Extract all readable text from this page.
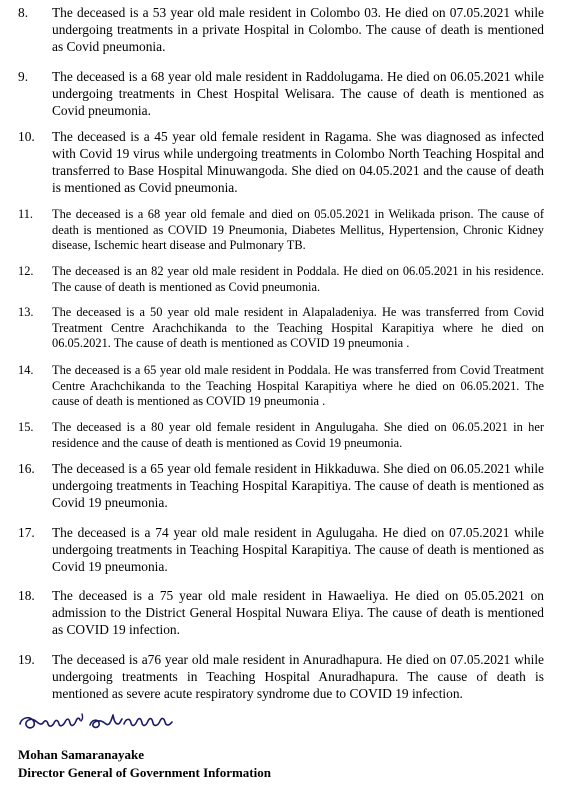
8. The deceased is a 53 year old male resident in Colombo 03. He died on 07.05.2021 while undergoing treatments in a private Hospital in Colombo. The cause of death is mentioned as Covid pneumonia.
9. The deceased is a 68 year old male resident in Raddolugama. He died on 06.05.2021 while undergoing treatments in Chest Hospital Welisara. The cause of death is mentioned as Covid pneumonia.
10. The deceased is a 45 year old female resident in Ragama. She was diagnosed as infected with Covid 19 virus while undergoing treatments in Colombo North Teaching Hospital and transferred to Base Hospital Minuwangoda. She died on 04.05.2021 and the cause of death is mentioned as Covid pneumonia.
11. The deceased is a 68 year old female and died on 05.05.2021 in Welikada prison. The cause of death is mentioned as COVID 19 Pneumonia, Diabetes Mellitus, Hypertension, Chronic Kidney disease, Ischemic heart disease and Pulmonary TB.
12. The deceased is an 82 year old male resident in Poddala. He died on 06.05.2021 in his residence. The cause of death is mentioned as Covid pneumonia.
13. The deceased is a 50 year old male resident in Alapaladeniya. He was transferred from Covid Treatment Centre Arachchikanda to the Teaching Hospital Karapitiya where he died on 06.05.2021. The cause of death is mentioned as COVID 19 pneumonia .
14. The deceased is a 65 year old male resident in Poddala. He was transferred from Covid Treatment Centre Arachchikanda to the Teaching Hospital Karapitiya where he died on 06.05.2021. The cause of death is mentioned as COVID 19 pneumonia .
15. The deceased is a 80 year old female resident in Angulugaha. She died on 06.05.2021 in her residence and the cause of death is mentioned as Covid 19 pneumonia.
16. The deceased is a 65 year old female resident in Hikkaduwa. She died on 06.05.2021 while undergoing treatments in Teaching Hospital Karapitiya. The cause of death is mentioned as Covid 19 pneumonia.
17. The deceased is a 74 year old male resident in Agulugaha. He died on 07.05.2021 while undergoing treatments in Teaching Hospital Karapitiya. The cause of death is mentioned as Covid 19 pneumonia.
18. The deceased is a 75 year old male resident in Hawaeliya. He died on 05.05.2021 on admission to the District General Hospital Nuwara Eliya. The cause of death is mentioned as COVID 19 infection.
19. The deceased is a76 year old male resident in Anuradhapura. He died on 07.05.2021 while undergoing treatments in Teaching Hospital Anuradhapura. The cause of death is mentioned as severe acute respiratory syndrome due to COVID 19 infection.
Mohan Samaranayake
Director General of Government Information
